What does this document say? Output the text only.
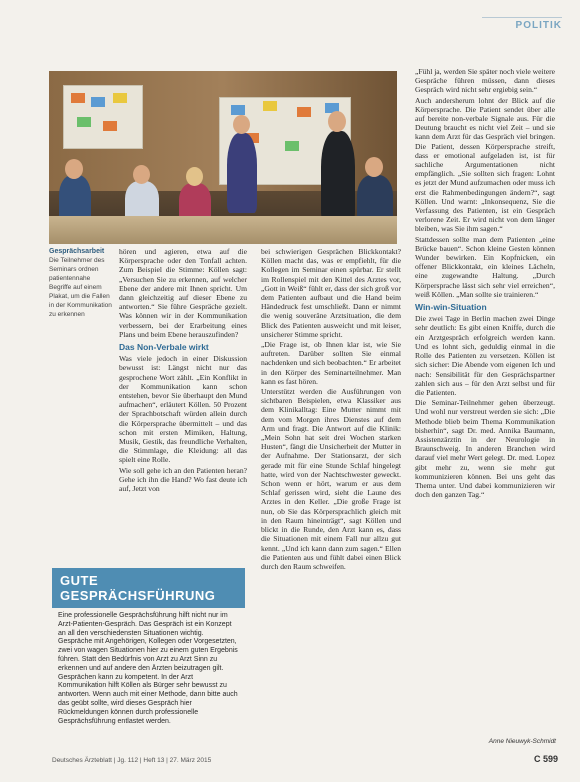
POLITIK
Gesprächsarbeit
Die Teilnehmer des Seminars ordnen patientennahe Begriffe auf einem Plakat, um die Fallen in der Kommunikation zu erkennen

hören und agieren, etwa auf die Körpersprache oder den Tonfall achten. Zum Beispiel die Stimme: Köllen sagt: „Versuchen Sie zu erkennen, auf welcher Ebene der andere mit Ihnen spricht. Um dann gleichzeitig auf dieser Ebene zu antworten.“ Sie führe Gespräche gezielt. Was können wir in der Kommunikation verbessern, bei der Erarbeitung eines Plans und beim Ebene herauszufinden?

Das Non-Verbale wirkt

Was viele jedoch in einer Diskussion bewusst ist: Längst nicht nur das gesprochene Wort zählt. „Ein Konflikt in der Kommunikation kann schon entstehen, bevor Sie überhaupt den Mund aufmachen“, erläutert Köllen. 50 Prozent der Sprachbotschaft würden allein durch die Körpersprache übermittelt – und das schon mit ersten Mimiken, Haltung, Musik, Gestik, das freundliche Verhalten, die Stimmlage, die Kleidung: all das spielt eine Rolle.

Wie soll gehe ich an den Patienten heran? Gehe ich ihn die Hand? Wo fast deute ich auf, Jetzt von

bei schwierigen Gesprächen Blickkontakt? Köllen macht das, was er empfiehlt, für die Kollegen im Seminar einen spürbar. Er stellt im Rollenspiel mit den Kittel des Arztes vor, „Gott in Weiß“ fühlt er, dass der sich groß vor dem Patienten aufbaut und die Hand beim Händedruck fest umschließt. Dann er nimmt die wenig souveräne Arztsituation, die dem Blick des Patienten ausweicht und mit leiser, unsicherer Stimme spricht.

„Die Frage ist, ob Ihnen klar ist, wie Sie auftreten. Darüber sollten Sie einmal nachdenken und sich beobachten.“ Er arbeitet in den Körper des Seminarteilnehmer. Man kann es fast hören.

Unterstützt werden die Ausführungen von sichtbaren Beispielen, etwa Klassiker aus dem Klinikalltag: Eine Mutter nimmt mit dem vom Morgen ihres Dienstes auf dem Arm und fragt. Die Antwort auf die Klinik: „Mein Sohn hat seit drei Wochen starken Husten“, fängt die Unsicherheit der Mutter in der Aufnahme. Der Stationsarzt, der sich gerade mit für eine Stunde Schlaf hingelegt hatte, wird von der Nachtschwester geweckt. Schon wenn er hört, warum er aus dem Schlaf gerissen wird, sieht die Laune des Arztes in den Keller. „Die große Frage ist nun, ob Sie das Körpersprachlich gleich mit in den Raum hineinträgt“, sagt Köllen und blickt in die Runde, den Arzt kann es, dass die Situationen mit einem Fall nur allzu gut kennt. „Und ich kann dann zum sagen.“ Ellen die Patienten aus und fühlt dabei einen Blick durch den Raum schweifen.

„Fühl ja, werden Sie später noch viele weitere Gespräche führen müssen, dann dieses Gespräch wird nicht sehr ergiebig sein.“

Auch andersherum lohnt der Blick auf die Körpersprache. Die Patient sendet über alle auf bereite non-verbale Signale aus. Für die Deutung braucht es nicht viel Zeit – und sie kann dem Arzt für das Gespräch viel bringen. Die Patient, dessen Körpersprache streift, dass er emotional aufgeladen ist, ist für sachliche Argumentationen nicht empfänglich. „Sie sollten sich fragen: Lohnt es jetzt der Mund aufzumachen oder muss ich erst die Rahmenbedingungen ändern?“, sagt Köllen. Und warnt: „Inkonsequenz, Sie die Verfassung des Patienten, ist ein Gespräch verlorene Zeit. Er wird nicht von dem länger bleiben, was Sie ihm sagen.“

Stattdessen sollte man dem Patienten „eine Brücke bauen“. Schon kleine Gesten können Wunder bewirken. Ein Kopfnicken, ein offener Blickkontakt, ein kleines Lächeln, eine zugewandte Haltung. „Durch Körpersprache lässt sich sehr viel erreichen“, weiß Köllen. „Man sollte sie trainieren.“

Win-win-Situation

Die zwei Tage in Berlin machen zwei Dinge sehr deutlich: Es gibt einen Kniffe, durch die ein Arztgespräch erfolgreich werden kann. Und es lohnt sich, geduldig einmal in die Rolle des Patienten zu versetzen. Köllen ist sich sicher: Die Abende vom eigenen Ich und nach: Sensibilität für den Gesprächspartner zahlen sich aus – für den Arzt selbst und für die Patienten.

Die Seminar-Teilnehmer gehen überzeugt. Und wohl nur verstreut werden sie sich: „Die Methode blieb beim Thema Kommunikation bisherhin“, sagt Dr. med. Annika Baumann, Assistenzärztin in der Neurologie in Braunschweig. In anderen Branchen wird darauf viel mehr Wert gelegt. Dr. med. Lopez gibt mehr zu, wenn sie mehr gut kommunizieren können. Bei uns geht das Thema unter. Und dabei kommunizieren wir doch den ganzen Tag.“

GUTE GESPRÄCHSFÜHRUNG
Eine professionelle Gesprächsführung hilft nicht nur im Arzt-Patienten-Gespräch. Das Gespräch ist ein Konzept an all den verschiedensten Situationen wichtig. Gespräche mit Angehörigen, Kollegen oder Vorgesetzten, zwei von wagen Situationen hier zu einem guten Ergebnis führen. Statt den Bedürfnis von Arzt zu Arzt Sinn zu erkennen und auf andere den Ärzten beizutragen gilt. Gesprächen kann zu kompetent. In der Arzt Kommunikation hilft Köllen als Bürger sehr bewusst zu antworten. Wenn auch mit einer Methode, dann bitte auch das geübt sollte, wird dieses Gespräch hier Rückmeldungen können durch professionelle Gesprächsführung entlastet werden.
Anne Nieuwyk-Schmidt
Deutsches Ärzteblatt | Jg. 112 | Heft 13 | 27. März 2015	C 599
